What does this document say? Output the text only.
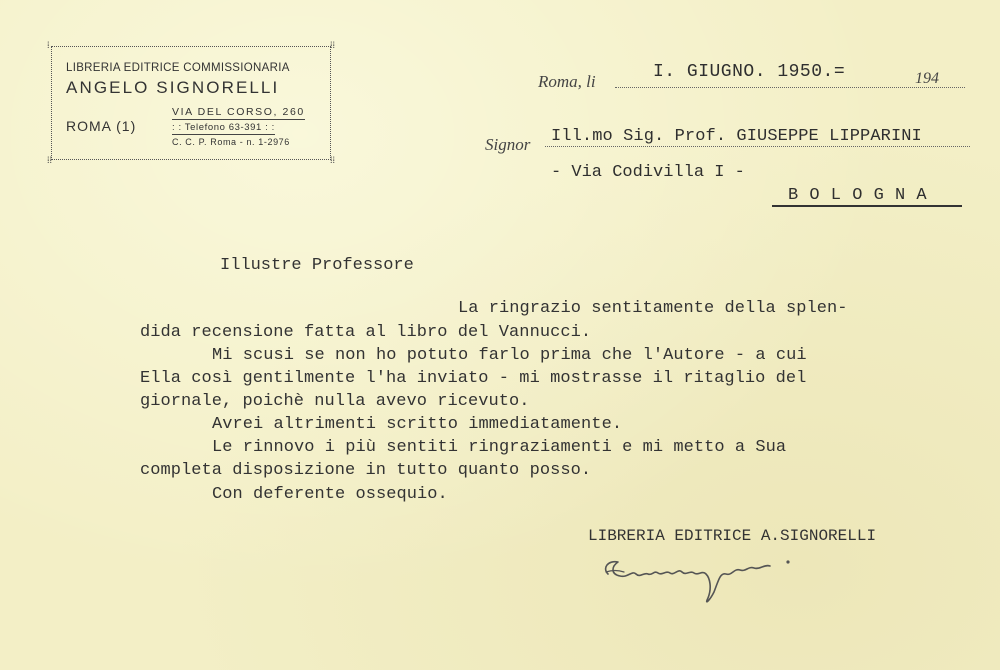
⁞	⁞⁞
⁞⁞	⁞⁞
LIBRERIA EDITRICE COMMISSIONARIA
ANGELO SIGNORELLI
ROMA (1)
VIA DEL CORSO, 260
: : Telefono 63-391 : :
C. C. P. Roma - n. 1-2976
Roma, li	I. GIUGNO. 1950.=	194
Signor Ill.mo Sig. Prof. GIUSEPPE LIPPARINI
- Via Codivilla I -
B O L O G N A
Illustre Professore
La ringrazio sentitamente della splen-
dida recensione fatta al libro del Vannucci.
Mi scusi se non ho potuto farlo prima che l'Autore - a cui
Ella così gentilmente l'ha inviato - mi mostrasse il ritaglio del
giornale, poichè nulla avevo ricevuto.
Avrei altrimenti scritto immediatamente.
Le rinnovo i più sentiti ringraziamenti e mi metto a Sua
completa disposizione in tutto quanto posso.
Con deferente ossequio.
LIBRERIA EDITRICE A.SIGNORELLI
